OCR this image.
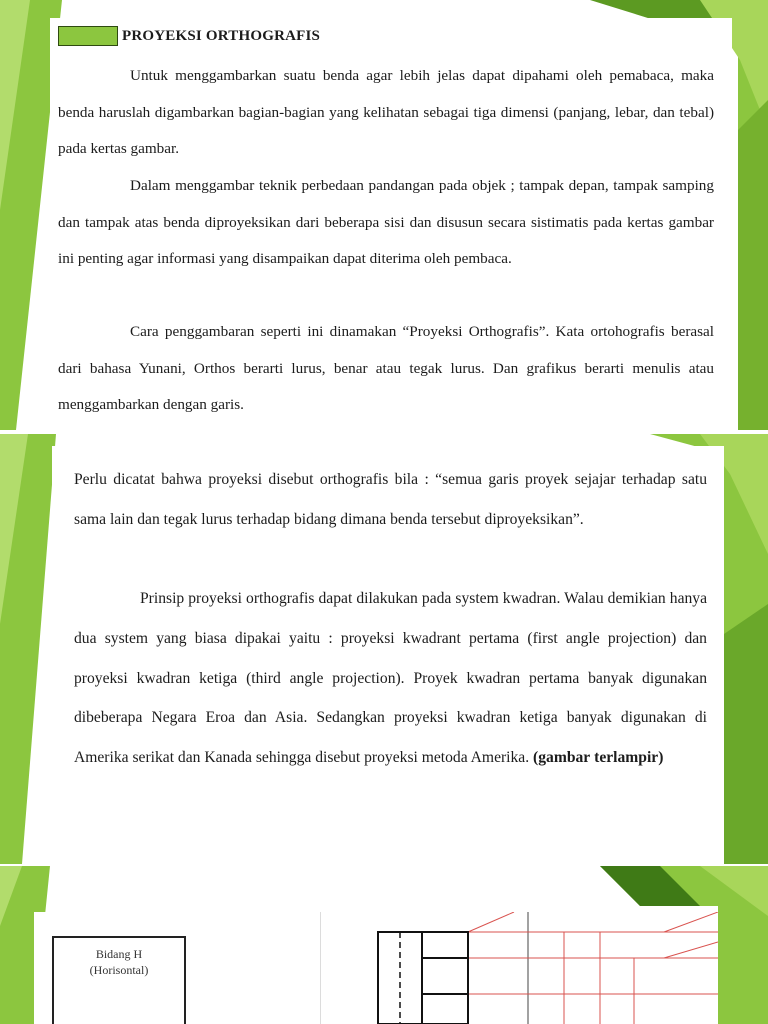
PROYEKSI ORTHOGRAFIS

Untuk menggambarkan suatu benda agar lebih jelas dapat dipahami oleh pemabaca, maka benda haruslah digambarkan bagian-bagian yang kelihatan sebagai tiga dimensi (panjang, lebar, dan tebal) pada kertas gambar.

Dalam menggambar teknik perbedaan pandangan pada objek ; tampak depan, tampak samping dan tampak atas benda diproyeksikan dari beberapa sisi dan disusun secara sistimatis pada kertas gambar ini penting agar informasi yang disampaikan dapat diterima oleh pembaca.

Cara penggambaran seperti ini dinamakan “Proyeksi Orthografis”. Kata ortohografis berasal dari bahasa Yunani, Orthos berarti lurus, benar atau tegak lurus. Dan grafikus berarti menulis atau menggambarkan dengan garis.

Perlu dicatat bahwa proyeksi disebut orthografis bila : “semua garis proyek sejajar terhadap satu sama lain dan tegak lurus terhadap bidang dimana benda tersebut diproyeksikan”.

Prinsip proyeksi orthografis dapat dilakukan pada system kwadran. Walau demikian hanya dua system yang biasa dipakai yaitu : proyeksi kwadrant pertama (first angle projection) dan proyeksi kwadran ketiga (third angle projection). Proyek kwadran pertama banyak digunakan dibeberapa Negara Eroa dan Asia. Sedangkan proyeksi kwadran ketiga banyak digunakan di Amerika serikat dan Kanada sehingga disebut proyeksi metoda Amerika. (gambar terlampir)

Bidang H
(Horisontal)
